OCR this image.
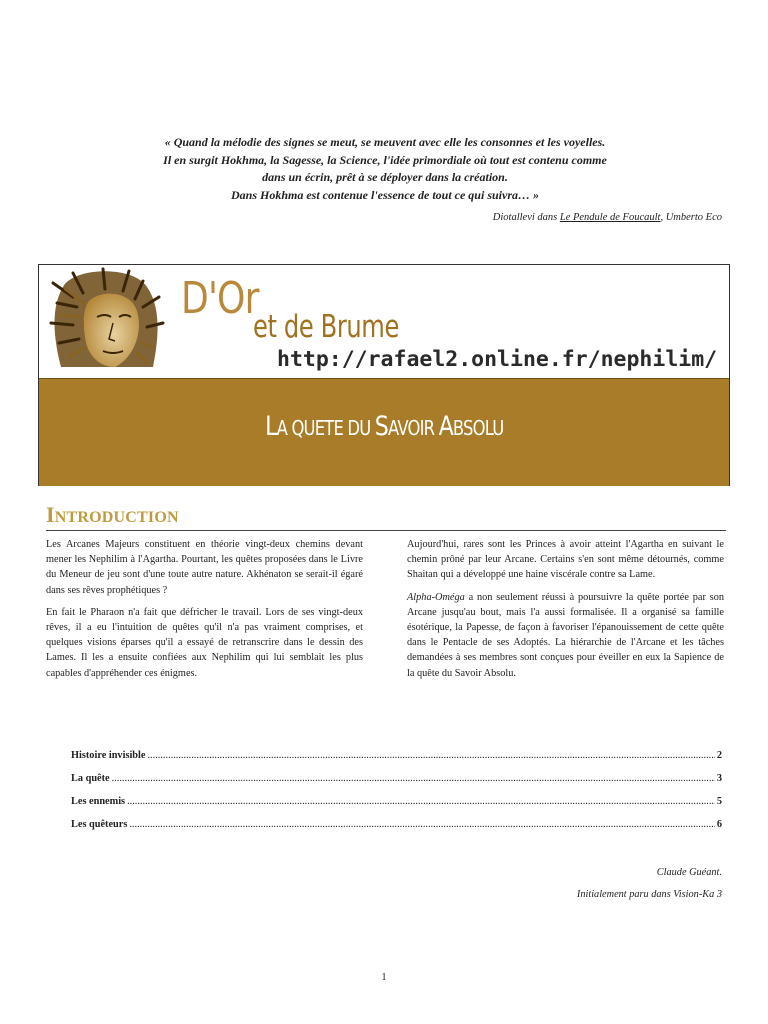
« Quand la mélodie des signes se meut, se meuvent avec elle les consonnes et les voyelles.
Il en surgit Hokhma, la Sagesse, la Science, l'idée primordiale où tout est contenu comme
dans un écrin, prêt à se déployer dans la création.
Dans Hokhma est contenue l'essence de tout ce qui suivra… »
Diotallevi dans Le Pendule de Foucault, Umberto Eco
D'Or
et de Brume
http://rafael2.online.fr/nephilim/
LA QUETE DU SAVOIR ABSOLU
INTRODUCTION

Les Arcanes Majeurs constituent en théorie vingt-deux chemins devant mener les Nephilim à l'Agartha. Pourtant, les quêtes proposées dans le Livre du Meneur de jeu sont d'une toute autre nature. Akhénaton se serait-il égaré dans ses rêves prophétiques ?

En fait le Pharaon n'a fait que défricher le travail. Lors de ses vingt-deux rêves, il a eu l'intuition de quêtes qu'il n'a pas vraiment comprises, et quelques visions éparses qu'il a essayé de retranscrire dans le dessin des Lames. Il les a ensuite confiées aux Nephilim qui lui semblait les plus capables d'appréhender ces énigmes.

Aujourd'hui, rares sont les Princes à avoir atteint l'Agartha en suivant le chemin prôné par leur Arcane. Certains s'en sont même détournés, comme Shaitan qui a développé une haine viscérale contre sa Lame.

Alpha-Oméga a non seulement réussi à poursuivre la quête portée par son Arcane jusqu'au bout, mais l'a aussi formalisée. Il a organisé sa famille ésotérique, la Papesse, de façon à favoriser l'épanouissement de cette quête dans le Pentacle de ses Adoptés. La hiérarchie de l'Arcane et les tâches demandées à ses membres sont conçues pour éveiller en eux la Sapience de la quête du Savoir Absolu.

Histoire invisible .....	2
La quête .....	3
Les ennemis .....	5
Les quêteurs .....	6
Claude Guéant.
Initialement paru dans Vision-Ka 3
1
